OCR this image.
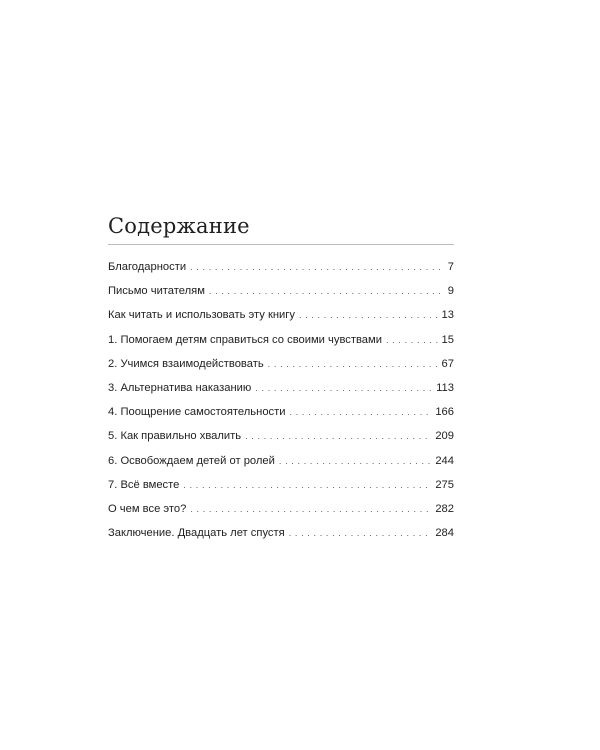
Содержание
Благодарности . . .	7
Письмо читателям . . .	9
Как читать и использовать эту книгу . . .	13
1. Помогаем детям справиться со своими чувствами . . .	15
2. Учимся взаимодействовать . . .	67
3. Альтернатива наказанию . . .	113
4. Поощрение самостоятельности . . .	166
5. Как правильно хвалить . . .	209
6. Освобождаем детей от ролей . . .	244
7. Всё вместе . . .	275
О чем все это? . . .	282
Заключение. Двадцать лет спустя . . .	284
